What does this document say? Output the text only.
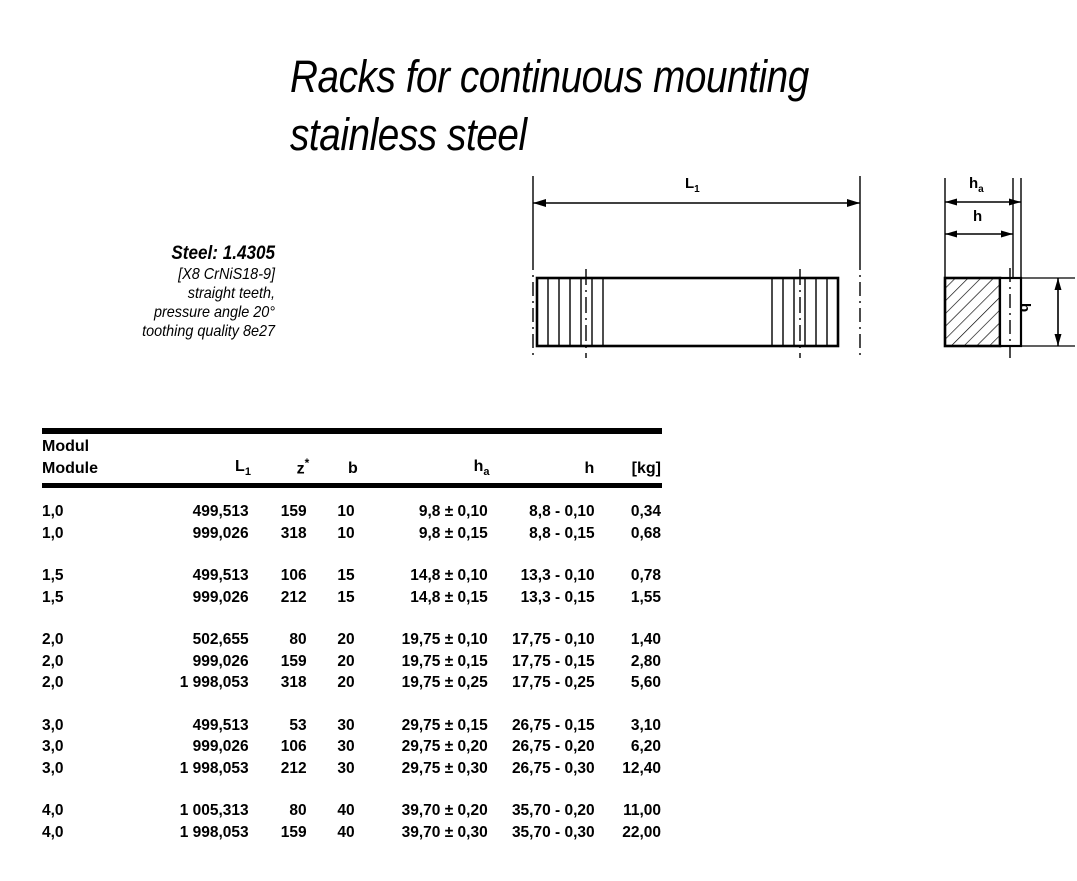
Racks for continuous mounting
stainless steel
Steel: 1.4305
[X8 CrNiS18-9]
straight teeth,
pressure angle 20°
toothing quality 8e27
$L_1$	$h_a$
h
b
Modul						
Module	$L_1$	z*	b	$h_a$	h	[kg]
1,0	499,513	159	10	9,8 ± 0,10	8,8 - 0,10	0,34
1,0	999,026	318	10	9,8 ± 0,15	8,8 - 0,15	0,68

1,5	499,513	106	15	14,8 ± 0,10	13,3 - 0,10	0,78
1,5	999,026	212	15	14,8 ± 0,15	13,3 - 0,15	1,55

2,0	502,655	80	20	19,75 ± 0,10	17,75 - 0,10	1,40
2,0	999,026	159	20	19,75 ± 0,15	17,75 - 0,15	2,80
2,0	1 998,053	318	20	19,75 ± 0,25	17,75 - 0,25	5,60

3,0	499,513	53	30	29,75 ± 0,15	26,75 - 0,15	3,10
3,0	999,026	106	30	29,75 ± 0,20	26,75 - 0,20	6,20
3,0	1 998,053	212	30	29,75 ± 0,30	26,75 - 0,30	12,40

4,0	1 005,313	80	40	39,70 ± 0,20	35,70 - 0,20	11,00
4,0	1 998,053	159	40	39,70 ± 0,30	35,70 - 0,30	22,00
